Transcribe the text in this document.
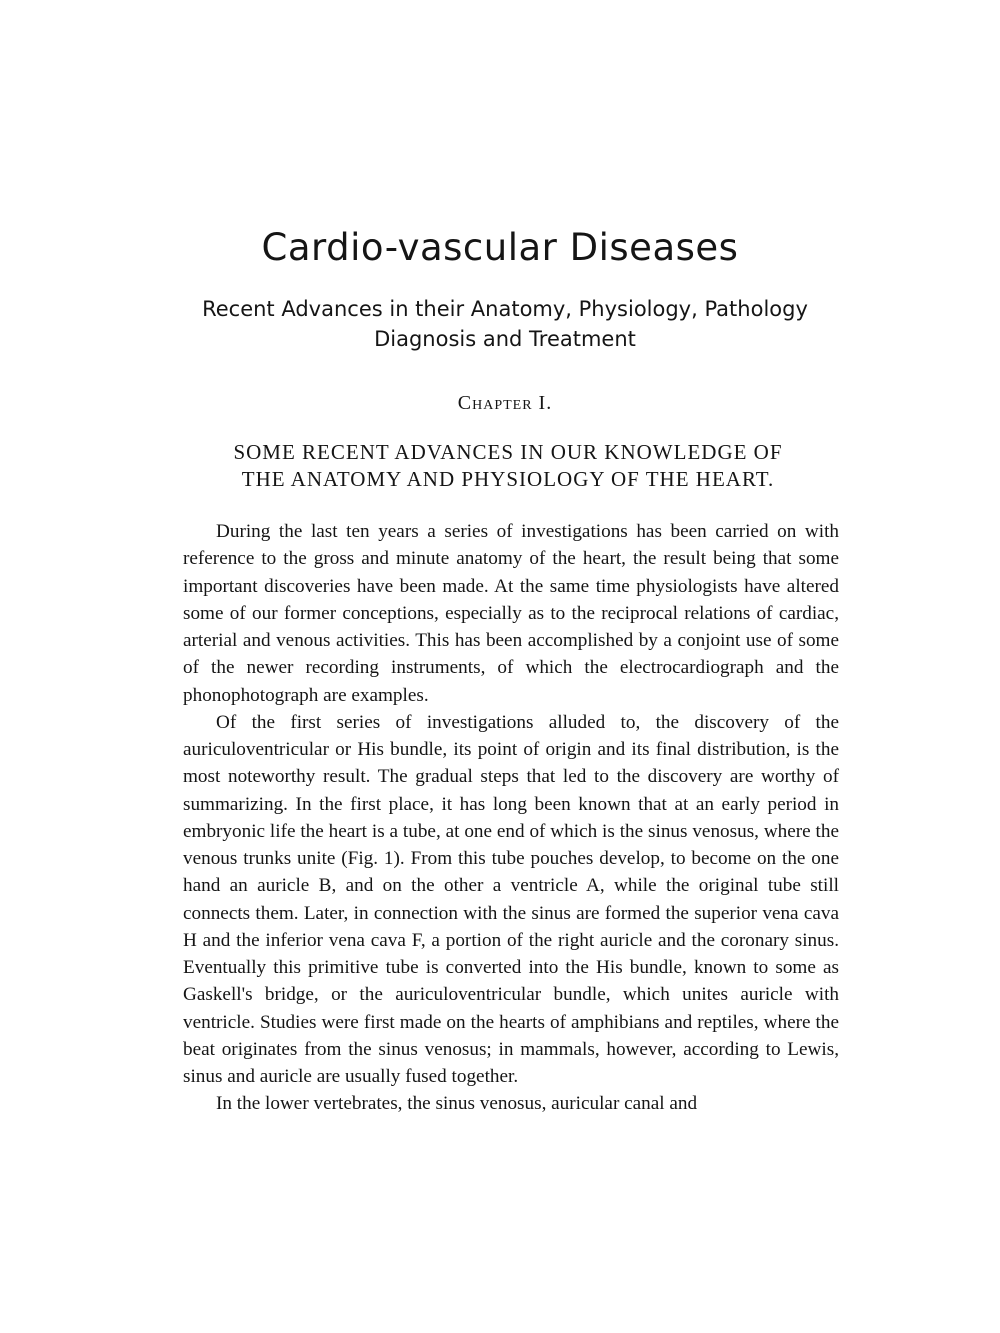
Cardio-vascular Diseases
Recent Advances in their Anatomy, Physiology, Pathology
Diagnosis and Treatment
Chapter I.
SOME RECENT ADVANCES IN OUR KNOWLEDGE OF
THE ANATOMY AND PHYSIOLOGY OF THE HEART.

During the last ten years a series of investigations has been carried on with reference to the gross and minute anatomy of the heart, the result being that some important discoveries have been made. At the same time physiologists have altered some of our former conceptions, especially as to the reciprocal relations of cardiac, arterial and venous activities. This has been accomplished by a conjoint use of some of the newer recording instruments, of which the electrocardiograph and the phonophotograph are examples.

Of the first series of investigations alluded to, the discovery of the auriculoventricular or His bundle, its point of origin and its final distribution, is the most noteworthy result. The gradual steps that led to the discovery are worthy of summarizing. In the first place, it has long been known that at an early period in embryonic life the heart is a tube, at one end of which is the sinus venosus, where the venous trunks unite (Fig. 1). From this tube pouches develop, to become on the one hand an auricle B, and on the other a ventricle A, while the original tube still connects them. Later, in connection with the sinus are formed the superior vena cava H and the inferior vena cava F, a portion of the right auricle and the coronary sinus. Eventually this primitive tube is converted into the His bundle, known to some as Gaskell's bridge, or the auriculoventricular bundle, which unites auricle with ventricle. Studies were first made on the hearts of amphibians and reptiles, where the beat originates from the sinus venosus; in mammals, however, according to Lewis, sinus and auricle are usually fused together.

In the lower vertebrates, the sinus venosus, auricular canal and
